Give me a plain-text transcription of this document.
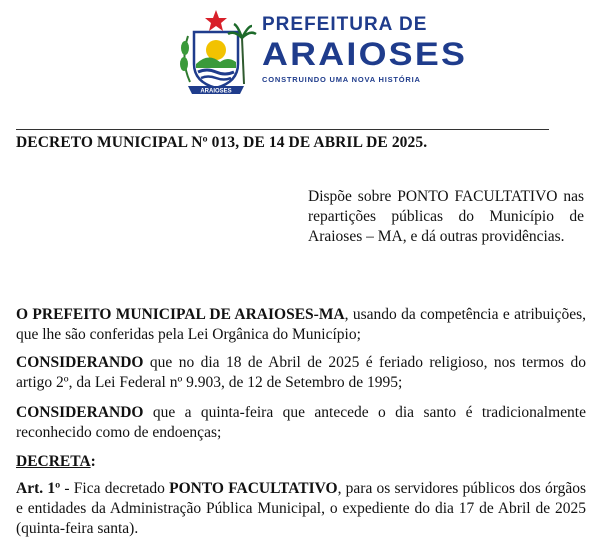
ARAIOSES
PREFEITURA DE
ARAIOSES
CONSTRUINDO UMA NOVA HISTÓRIA
DECRETO MUNICIPAL Nº 013, DE 14 DE ABRIL DE 2025.
Dispõe sobre PONTO FACULTATIVO nas repartições públicas do Município de Araioses – MA, e dá outras providências.

O PREFEITO MUNICIPAL DE ARAIOSES-MA, usando da competência e atribuições, que lhe são conferidas pela Lei Orgânica do Município;

CONSIDERANDO que no dia 18 de Abril de 2025 é feriado religioso, nos termos do artigo 2º, da Lei Federal nº 9.903, de 12 de Setembro de 1995;

CONSIDERANDO que a quinta-feira que antecede o dia santo é tradicionalmente reconhecido como de endoenças;

DECRETA:

Art. 1º - Fica decretado PONTO FACULTATIVO, para os servidores públicos dos órgãos e entidades da Administração Pública Municipal, o expediente do dia 17 de Abril de 2025 (quinta-feira santa).
